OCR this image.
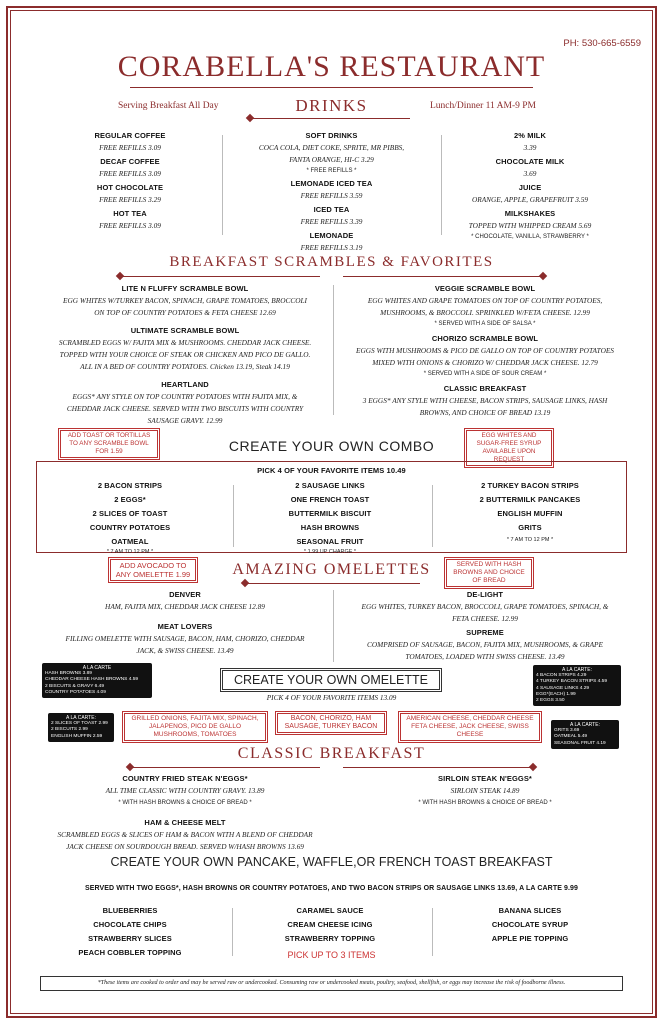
PH: 530-665-6559
CORABELLA'S RESTAURANT
Serving Breakfast All Day	DRINKS	Lunch/Dinner 11 AM-9 PM
REGULAR COFFEE
FREE REFILLS 3.09
DECAF COFFEE
FREE REFILLS 3.09
HOT CHOCOLATE
FREE REFILLS 3.29
HOT TEA
FREE REFILLS 3.09
SOFT DRINKS
COCA COLA, DIET COKE, SPRITE, MR PIBBS,
FANTA ORANGE, HI-C 3.29
* FREE REFILLS *
LEMONADE ICED TEA
FREE REFILLS 3.59
ICED TEA
FREE REFILLS 3.39
LEMONADE
FREE REFILLS 3.19
2% MILK
3.39
CHOCOLATE MILK
3.69
JUICE
ORANGE, APPLE, GRAPEFRUIT 3.59
MILKSHAKES
TOPPED WITH WHIPPED CREAM 5.69
* CHOCOLATE, VANILLA, STRAWBERRY *
BREAKFAST SCRAMBLES & FAVORITES
LITE N FLUFFY SCRAMBLE BOWL
EGG WHITES W/TURKEY BACON, SPINACH, GRAPE TOMATOES, BROCCOLI
ON TOP OF COUNTRY POTATOES & FETA CHEESE 12.69
ULTIMATE SCRAMBLE BOWL
SCRAMBLED EGGS W/ FAJITA MIX & MUSHROOMS. CHEDDAR JACK CHEESE.
TOPPED WITH YOUR CHOICE OF STEAK OR CHICKEN AND PICO DE GALLO.
ALL IN A BED OF COUNTRY POTATOES. Chicken 13.19, Steak 14.19
HEARTLAND
EGGS* ANY STYLE ON TOP COUNTRY POTATOES WITH FAJITA MIX, &
CHEDDAR JACK CHEESE. SERVED WITH TWO BISCUITS WITH COUNTRY
SAUSAGE GRAVY. 12.99
VEGGIE SCRAMBLE BOWL
EGG WHITES AND GRAPE TOMATOES ON TOP OF COUNTRY POTATOES,
MUSHROOMS, & BROCCOLI. SPRINKLED W/FETA CHEESE. 12.99
* SERVED WITH A SIDE OF SALSA *
CHORIZO SCRAMBLE BOWL
EGGS WITH MUSHROOMS & PICO DE GALLO ON TOP OF COUNTRY POTATOES
MIXED WITH ONIONS & CHORIZO W/ CHEDDAR JACK CHEESE. 12.79
* SERVED WITH A SIDE OF SOUR CREAM *
CLASSIC BREAKFAST
3 EGGS* ANY STYLE WITH CHEESE, BACON STRIPS, SAUSAGE LINKS, HASH
BROWNS, AND CHOICE OF BREAD 13.19
ADD TOAST OR TORTILLAS TO ANY SCRAMBLE BOWL FOR 1.59
EGG WHITES AND SUGAR-FREE SYRUP AVAILABLE UPON REQUEST
CREATE YOUR OWN COMBO
PICK 4 OF YOUR FAVORITE ITEMS 10.49
2 BACON STRIPS
2 EGGS*
2 SLICES OF TOAST
COUNTRY POTATOES
OATMEAL
* 7 AM TO 12 PM *
2 SAUSAGE LINKS
ONE FRENCH TOAST
BUTTERMILK BISCUIT
HASH BROWNS
SEASONAL FRUIT
* 1.99 UP CHARGE *
2 TURKEY BACON STRIPS
2 BUTTERMILK PANCAKES
ENGLISH MUFFIN
GRITS
* 7 AM TO 12 PM *
ADD AVOCADO TO ANY OMELETTE 1.99	AMAZING OMELETTES	SERVED WITH HASH BROWNS AND CHOICE OF BREAD
DENVER
HAM, FAJITA MIX, CHEDDAR JACK CHEESE 12.89
MEAT LOVERS
FILLING OMELETTE WITH SAUSAGE, BACON, HAM, CHORIZO, CHEDDAR
JACK, & SWISS CHEESE. 13.49
DE-LIGHT
EGG WHITES, TURKEY BACON, BROCCOLI, GRAPE TOMATOES, SPINACH, &
FETA CHEESE. 12.99
SUPREME
COMPRISED OF SAUSAGE, BACON, FAJITA MIX, MUSHROOMS, & GRAPE
TOMATOES, LOADED WITH SWISS CHEESE. 13.49
A LA CARTE
HASH BROWNS 3.89
CHEDDAR CHEESE HASH BROWNS 4.59
2 BISCUITS & GRAVY 6.49
COUNTRY POTATOES 4.09
CREATE YOUR OWN OMELETTE
A LA CARTE:
4 BACON STRIPS 4.29
4 TURKEY BACON STRIPS 4.59
4 SAUSAGE LINKS 4.29
EGG*(EACH) 1.99
2 EGGS 3.50
PICK 4 OF YOUR FAVORITE ITEMS 13.09
A LA CARTE:
2 SLICES OF TOAST 2.99
2 BISCUITS 2.99
ENGLISH MUFFIN 2.59
GRILLED ONIONS, FAJITA MIX, SPINACH, JALAPENOS, PICO DE GALLO MUSHROOMS, TOMATOES
BACON, CHORIZO, HAM SAUSAGE, TURKEY BACON
AMERICAN CHEESE, CHEDDAR CHEESE FETA CHEESE, JACK CHEESE, SWISS CHEESE
A LA CARTE:
GRITS 3.69
OATMEAL 5.49
SEASONAL FRUIT 4.19
CLASSIC BREAKFAST
COUNTRY FRIED STEAK N'EGGS*
ALL TIME CLASSIC WITH COUNTRY GRAVY. 13.89
* WITH HASH BROWNS & CHOICE OF BREAD *
HAM & CHEESE MELT
SCRAMBLED EGGS & SLICES OF HAM & BACON WITH A BLEND OF CHEDDAR
JACK CHEESE ON SOURDOUGH BREAD. SERVED W/HASH BROWNS 13.69
SIRLOIN STEAK N'EGGS*
SIRLOIN STEAK 14.89
* WITH HASH BROWNS & CHOICE OF BREAD *
CREATE YOUR OWN PANCAKE, WAFFLE,OR FRENCH TOAST BREAKFAST
SERVED WITH TWO EGGS*, HASH BROWNS OR COUNTRY POTATOES, AND TWO BACON STRIPS OR SAUSAGE LINKS 13.69, A LA CARTE 9.99
BLUEBERRIES
CHOCOLATE CHIPS
STRAWBERRY SLICES
PEACH COBBLER TOPPING
CARAMEL SAUCE
CREAM CHEESE ICING
STRAWBERRY TOPPING
BANANA SLICES
CHOCOLATE SYRUP
APPLE PIE TOPPING
PICK UP TO 3 ITEMS
*These items are cooked to order and may be served raw or undercooked. Consuming raw or undercooked meats, poultry, seafood, shellfish, or eggs may increase the risk of foodborne illness.
